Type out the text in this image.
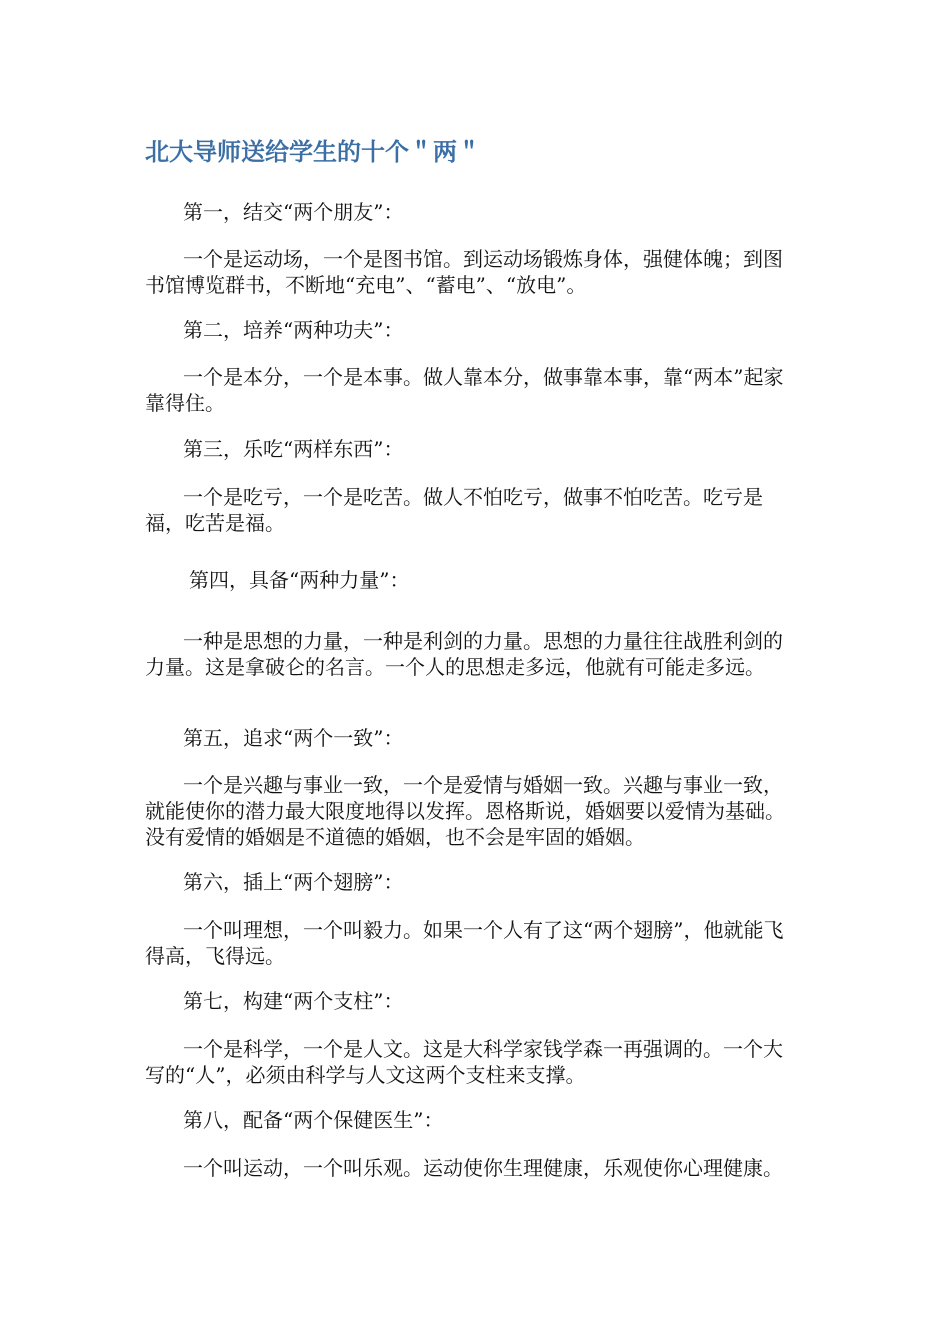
北大导师送给学生的十个＂两＂

第一，结交“两个朋友”：

一个是运动场，一个是图书馆。到运动场锻炼身体，强健体魄；到图书馆博览群书，不断地“充电”、“蓄电”、“放电”。

第二，培养“两种功夫”：

一个是本分，一个是本事。做人靠本分，做事靠本事，靠“两本”起家靠得住。

第三，乐吃“两样东西”：

一个是吃亏，一个是吃苦。做人不怕吃亏，做事不怕吃苦。吃亏是福，吃苦是福。

第四，具备“两种力量”：

一种是思想的力量，一种是利剑的力量。思想的力量往往战胜利剑的力量。这是拿破仑的名言。一个人的思想走多远，他就有可能走多远。

第五，追求“两个一致”：

一个是兴趣与事业一致，一个是爱情与婚姻一致。兴趣与事业一致，就能使你的潜力最大限度地得以发挥。恩格斯说，婚姻要以爱情为基础。没有爱情的婚姻是不道德的婚姻，也不会是牢固的婚姻。

第六，插上“两个翅膀”：

一个叫理想，一个叫毅力。如果一个人有了这“两个翅膀”，他就能飞得高，飞得远。

第七，构建“两个支柱”：

一个是科学，一个是人文。这是大科学家钱学森一再强调的。一个大写的“人”，必须由科学与人文这两个支柱来支撑。

第八，配备“两个保健医生”：

一个叫运动，一个叫乐观。运动使你生理健康，乐观使你心理健康。
